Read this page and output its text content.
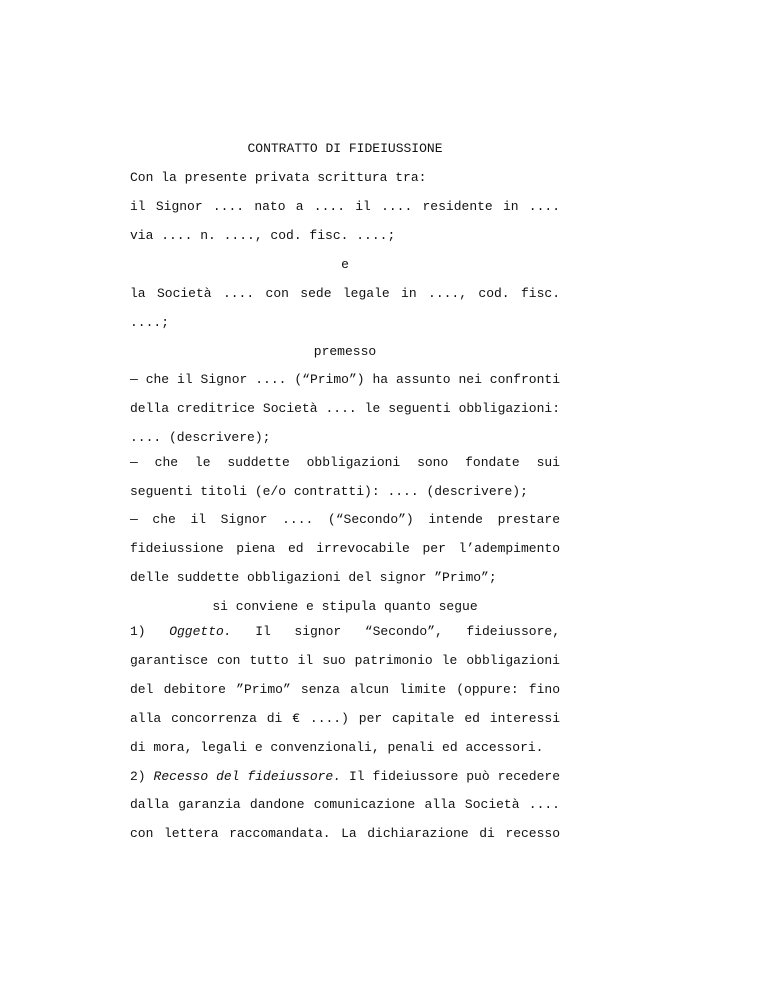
CONTRATTO DI FIDEIUSSIONE
Con la presente privata scrittura tra:
il Signor .... nato a .... il .... residente in ....
via .... n. ...., cod. fisc. ....;
e
la Società .... con sede legale in ...., cod. fisc.
....;
premesso
— che il Signor .... (“Primo”) ha assunto nei confronti
della creditrice Società .... le seguenti obbligazioni:
.... (descrivere);
— che le suddette obbligazioni sono fondate sui
seguenti titoli (e/o contratti): .... (descrivere);
— che il Signor .... (“Secondo”) intende prestare
fideiussione piena ed irrevocabile per l’adempimento
delle suddette obbligazioni del signor ”Primo”;
si conviene e stipula quanto segue
1) Oggetto. Il signor “Secondo”, fideiussore,
garantisce con tutto il suo patrimonio le obbligazioni
del debitore ”Primo” senza alcun limite (oppure: fino
alla concorrenza di € ....) per capitale ed interessi
di mora, legali e convenzionali, penali ed accessori.
2) Recesso del fideiussore. Il fideiussore può recedere
dalla garanzia dandone comunicazione alla Società ....
con lettera raccomandata. La dichiarazione di recesso
